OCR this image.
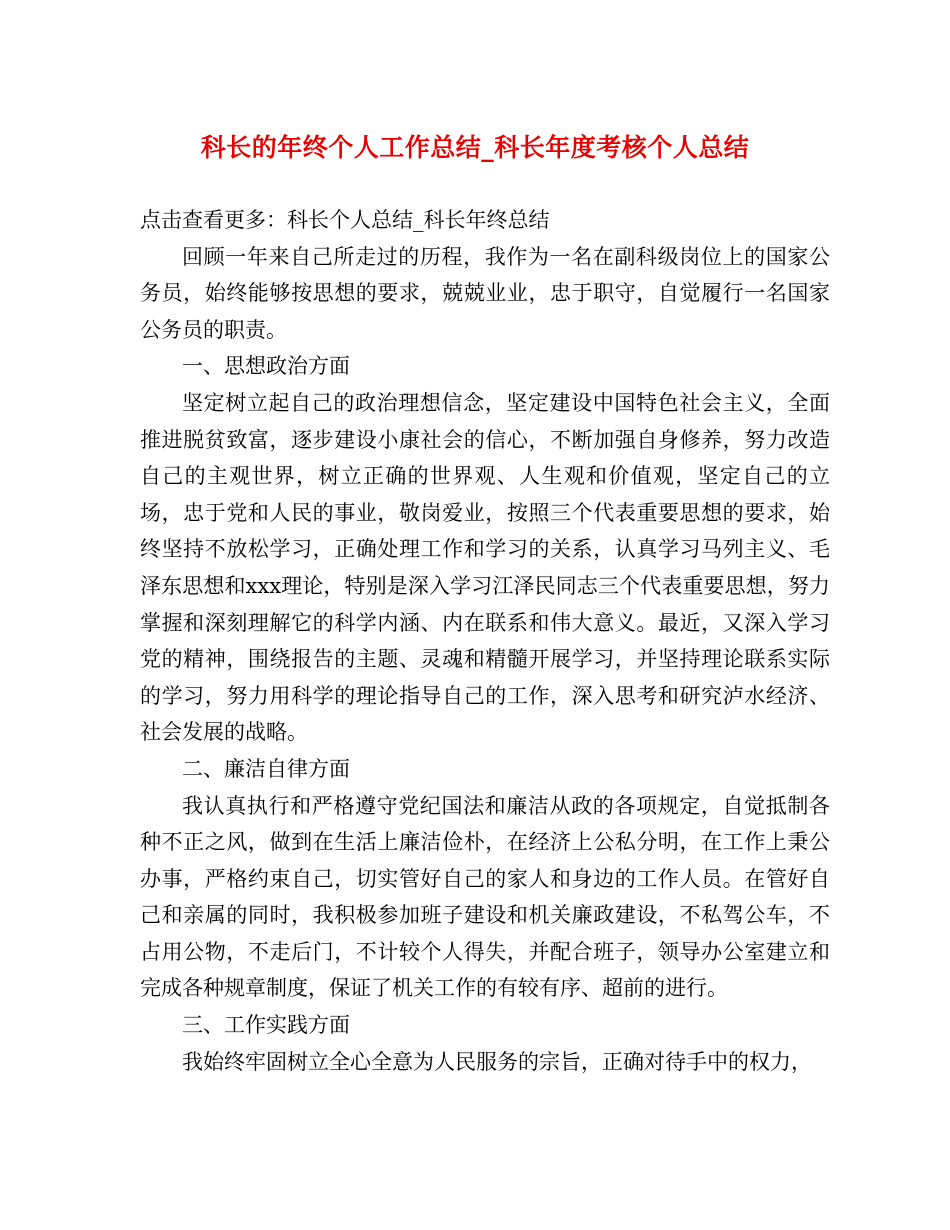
科长的年终个人工作总结_科长年度考核个人总结

点击查看更多：科长个人总结_科长年终总结

回顾一年来自己所走过的历程，我作为一名在副科级岗位上的国家公务员，始终能够按思想的要求，兢兢业业，忠于职守，自觉履行一名国家公务员的职责。

一、思想政治方面

坚定树立起自己的政治理想信念，坚定建设中国特色社会主义，全面推进脱贫致富，逐步建设小康社会的信心，不断加强自身修养，努力改造自己的主观世界，树立正确的世界观、人生观和价值观，坚定自己的立场，忠于党和人民的事业，敬岗爱业，按照三个代表重要思想的要求，始终坚持不放松学习，正确处理工作和学习的关系，认真学习马列主义、毛泽东思想和xxx理论，特别是深入学习江泽民同志三个代表重要思想，努力掌握和深刻理解它的科学内涵、内在联系和伟大意义。最近，又深入学习党的精神，围绕报告的主题、灵魂和精髓开展学习，并坚持理论联系实际的学习，努力用科学的理论指导自己的工作，深入思考和研究泸水经济、社会发展的战略。

二、廉洁自律方面

我认真执行和严格遵守党纪国法和廉洁从政的各项规定，自觉抵制各种不正之风，做到在生活上廉洁俭朴，在经济上公私分明，在工作上秉公办事，严格约束自己，切实管好自己的家人和身边的工作人员。在管好自己和亲属的同时，我积极参加班子建设和机关廉政建设，不私驾公车，不占用公物，不走后门，不计较个人得失，并配合班子，领导办公室建立和完成各种规章制度，保证了机关工作的有较有序、超前的进行。

三、工作实践方面

我始终牢固树立全心全意为人民服务的宗旨，正确对待手中的权力，
